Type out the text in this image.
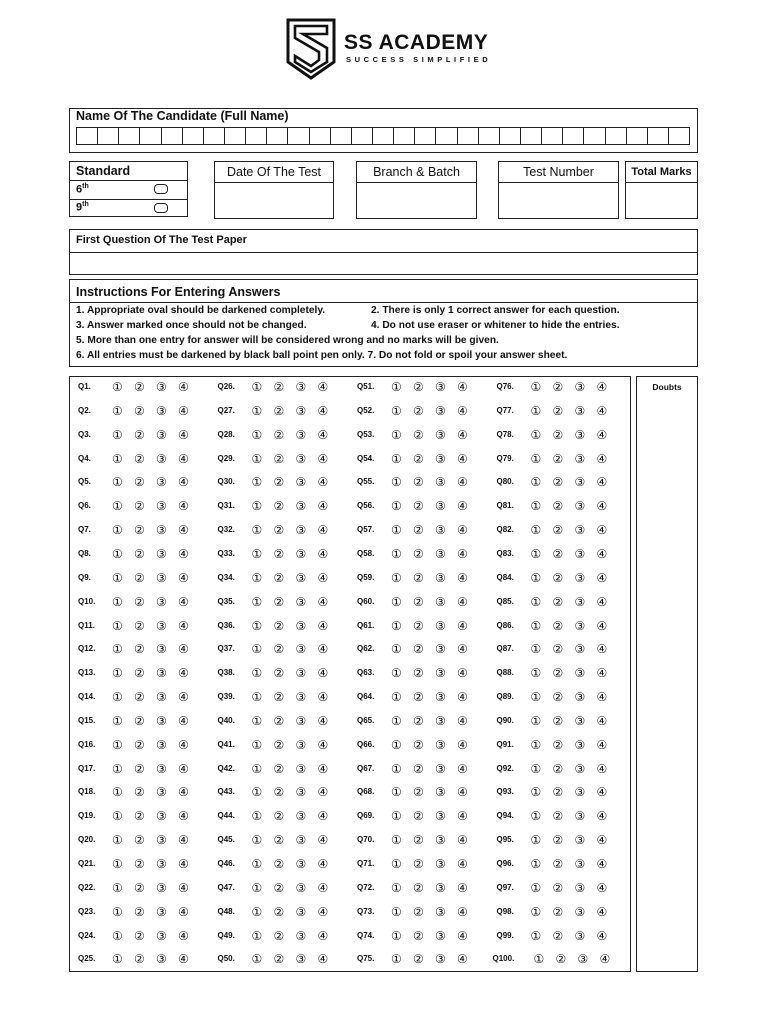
SS ACADEMY
SUCCESS SIMPLIFIED
Name Of The Candidate (Full Name)
Standard
6th
9th
Date Of The Test	Branch & Batch	Test Number	Total Marks
First Question Of The Test Paper
Instructions For Entering Answers
1. Appropriate oval should be darkened completely.	2. There is only 1 correct answer for each question.
3. Answer marked once should not be changed.	4. Do not use eraser or whitener to hide the entries.
5. More than one entry for answer will be considered wrong and no marks will be given.
6. All entries must be darkened by black ball point pen only. 7. Do not fold or spoil your answer sheet.
Q1. ① ② ③ ④
Q2. ① ② ③ ④
Q3. ① ② ③ ④
Q4. ① ② ③ ④
Q5. ① ② ③ ④
Q6. ① ② ③ ④
Q7. ① ② ③ ④
Q8. ① ② ③ ④
Q9. ① ② ③ ④
Q10. ① ② ③ ④
Q11. ① ② ③ ④
Q12. ① ② ③ ④
Q13. ① ② ③ ④
Q14. ① ② ③ ④
Q15. ① ② ③ ④
Q16. ① ② ③ ④
Q17. ① ② ③ ④
Q18. ① ② ③ ④
Q19. ① ② ③ ④
Q20. ① ② ③ ④
Q21. ① ② ③ ④
Q22. ① ② ③ ④
Q23. ① ② ③ ④
Q24. ① ② ③ ④
Q25. ① ② ③ ④
Q26. ① ② ③ ④
Q27. ① ② ③ ④
Q28. ① ② ③ ④
Q29. ① ② ③ ④
Q30. ① ② ③ ④
Q31. ① ② ③ ④
Q32. ① ② ③ ④
Q33. ① ② ③ ④
Q34. ① ② ③ ④
Q35. ① ② ③ ④
Q36. ① ② ③ ④
Q37. ① ② ③ ④
Q38. ① ② ③ ④
Q39. ① ② ③ ④
Q40. ① ② ③ ④
Q41. ① ② ③ ④
Q42. ① ② ③ ④
Q43. ① ② ③ ④
Q44. ① ② ③ ④
Q45. ① ② ③ ④
Q46. ① ② ③ ④
Q47. ① ② ③ ④
Q48. ① ② ③ ④
Q49. ① ② ③ ④
Q50. ① ② ③ ④
Q51. ① ② ③ ④
Q52. ① ② ③ ④
Q53. ① ② ③ ④
Q54. ① ② ③ ④
Q55. ① ② ③ ④
Q56. ① ② ③ ④
Q57. ① ② ③ ④
Q58. ① ② ③ ④
Q59. ① ② ③ ④
Q60. ① ② ③ ④
Q61. ① ② ③ ④
Q62. ① ② ③ ④
Q63. ① ② ③ ④
Q64. ① ② ③ ④
Q65. ① ② ③ ④
Q66. ① ② ③ ④
Q67. ① ② ③ ④
Q68. ① ② ③ ④
Q69. ① ② ③ ④
Q70. ① ② ③ ④
Q71. ① ② ③ ④
Q72. ① ② ③ ④
Q73. ① ② ③ ④
Q74. ① ② ③ ④
Q75. ① ② ③ ④
Q76. ① ② ③ ④
Q77. ① ② ③ ④
Q78. ① ② ③ ④
Q79. ① ② ③ ④
Q80. ① ② ③ ④
Q81. ① ② ③ ④
Q82. ① ② ③ ④
Q83. ① ② ③ ④
Q84. ① ② ③ ④
Q85. ① ② ③ ④
Q86. ① ② ③ ④
Q87. ① ② ③ ④
Q88. ① ② ③ ④
Q89. ① ② ③ ④
Q90. ① ② ③ ④
Q91. ① ② ③ ④
Q92. ① ② ③ ④
Q93. ① ② ③ ④
Q94. ① ② ③ ④
Q95. ① ② ③ ④
Q96. ① ② ③ ④
Q97. ① ② ③ ④
Q98. ① ② ③ ④
Q99. ① ② ③ ④
Q100. ① ② ③ ④
Doubts
